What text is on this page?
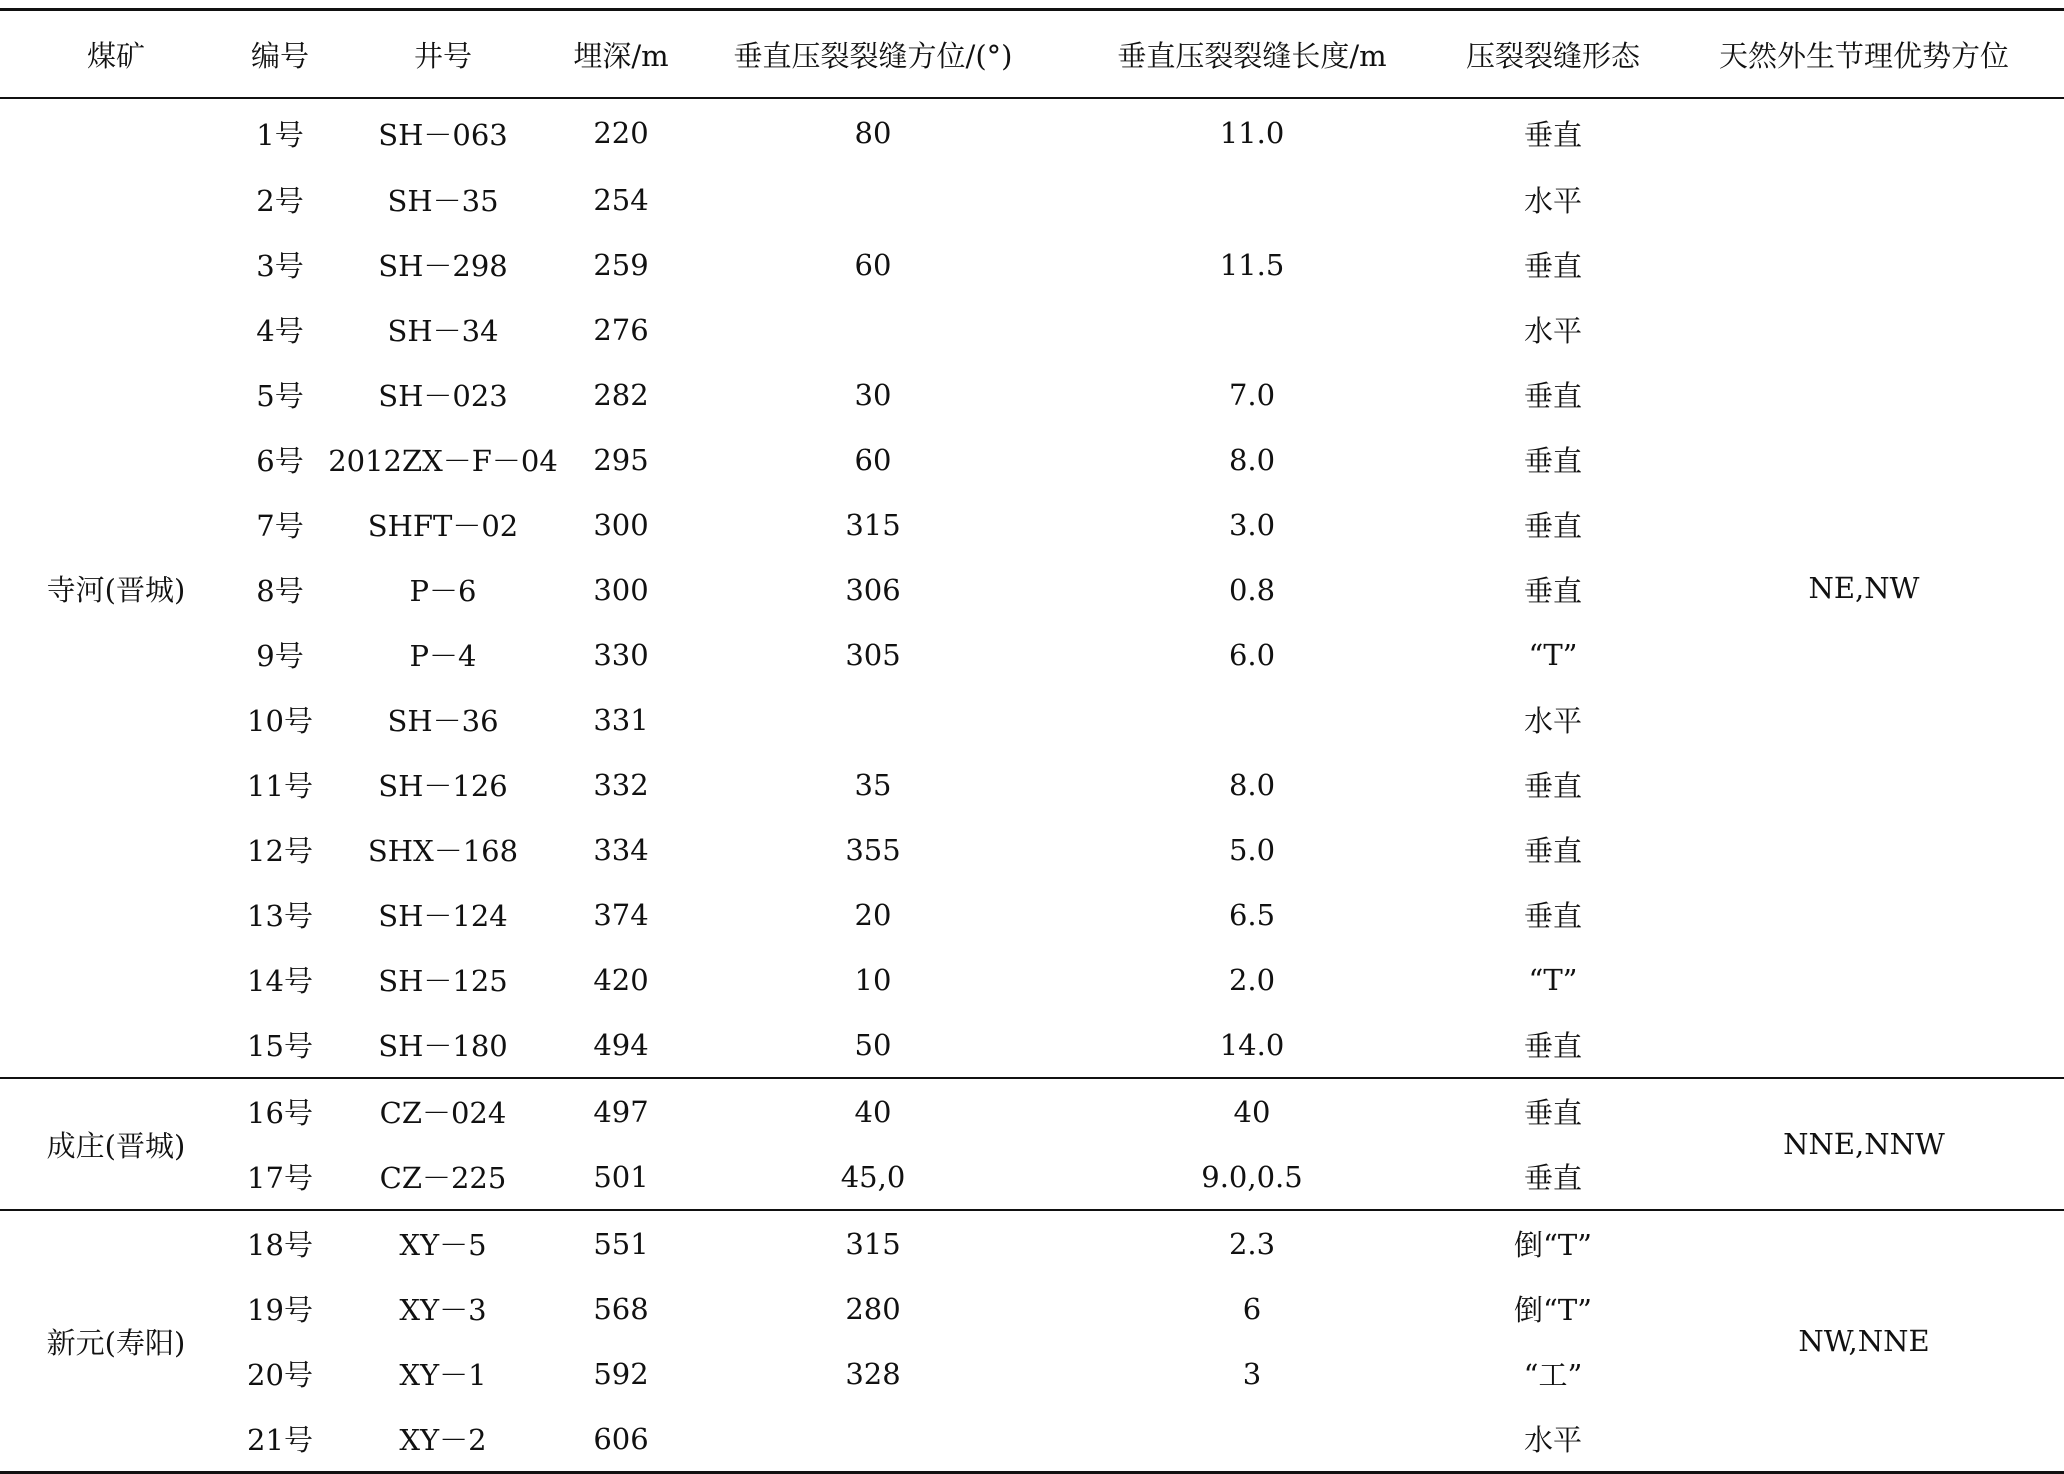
煤矿	编号	井号	埋深/m	垂直压裂裂缝方位/(°)	垂直压裂裂缝长度/m	压裂裂缝形态	天然外生节理优势方位
寺河(晋城)	1号	SH－063	220	80	11.0	垂直	NE,NW
	2号	SH－35	254			水平	
	3号	SH－298	259	60	11.5	垂直	
	4号	SH－34	276			水平	
	5号	SH－023	282	30	7.0	垂直	
	6号	2012ZX－F－04	295	60	8.0	垂直	
	7号	SHFT－02	300	315	3.0	垂直	
	8号	P－6	300	306	0.8	垂直	
	9号	P－4	330	305	6.0	“T”	
	10号	SH－36	331			水平	
	11号	SH－126	332	35	8.0	垂直	
	12号	SHX－168	334	355	5.0	垂直	
	13号	SH－124	374	20	6.5	垂直	
	14号	SH－125	420	10	2.0	“T”	
	15号	SH－180	494	50	14.0	垂直	
成庄(晋城)	16号	CZ－024	497	40	40	垂直	NNE,NNW
	17号	CZ－225	501	45,0	9.0,0.5	垂直	
新元(寿阳)	18号	XY－5	551	315	2.3	倒“T”	NW,NNE
	19号	XY－3	568	280	6	倒“T”	
	20号	XY－1	592	328	3	“工”	
	21号	XY－2	606			水平	
